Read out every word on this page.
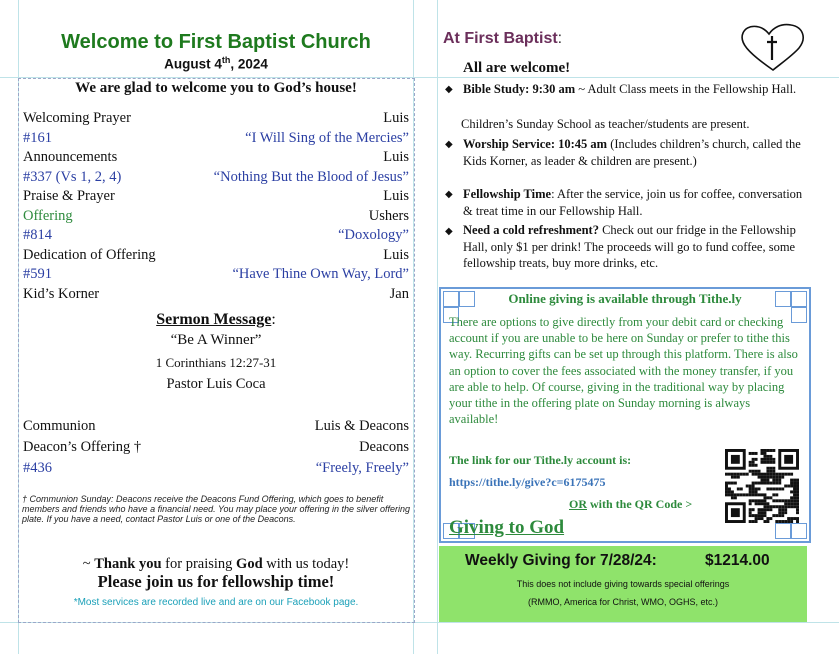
Welcome to First Baptist Church
August 4th, 2024
We are glad to welcome you to God’s house!
Welcoming Prayer	Luis
#161	“I Will Sing of the Mercies”
Announcements	Luis
#337 (Vs 1, 2, 4)	“Nothing But the Blood of Jesus”
Praise & Prayer	Luis
Offering	Ushers
#814	“Doxology”
Dedication of Offering	Luis
#591	“Have Thine Own Way, Lord”
Kid’s Korner	Jan
Sermon Message:
“Be A Winner”
1 Corinthians 12:27-31
Pastor Luis Coca
Communion	Luis & Deacons
Deacon’s Offering †	Deacons
#436	“Freely, Freely”
† Communion Sunday: Deacons receive the Deacons Fund Offering, which goes to benefit members and friends who have a financial need. You may place your offering in the silver offering plate. If you have a need, contact Pastor Luis or one of the Deacons.
~ Thank you for praising God with us today!
Please join us for fellowship time!
*Most services are recorded live and are on our Facebook page.
At First Baptist:
All are welcome!
◆ Bible Study: 9:30 am ~ Adult Class meets in the Fellowship Hall.
Children’s Sunday School as teacher/students are present.
◆ Worship Service: 10:45 am (Includes children’s church, called the Kids Korner, as leader & children are present.)
◆ Fellowship Time: After the service, join us for coffee, conversation & treat time in our Fellowship Hall.
◆ Need a cold refreshment? Check out our fridge in the Fellowship Hall, only $1 per drink! The proceeds will go to fund coffee, some fellowship treats, buy more drinks, etc.
Online giving is available through Tithe.ly
There are options to give directly from your debit card or checking account if you are unable to be here on Sunday or prefer to tithe this way. Recurring gifts can be set up through this platform. There is also an option to cover the fees associated with the money transfer, if you are able to help. Of course, giving in the traditional way by placing your tithe in the offering plate on Sunday morning is always available!
The link for our Tithe.ly account is:
https://tithe.ly/give?c=6175475
OR with the QR Code >
Giving to God
Weekly Giving for 7/28/24:	$1214.00
This does not include giving towards special offerings
(RMMO, America for Christ, WMO, OGHS, etc.)
